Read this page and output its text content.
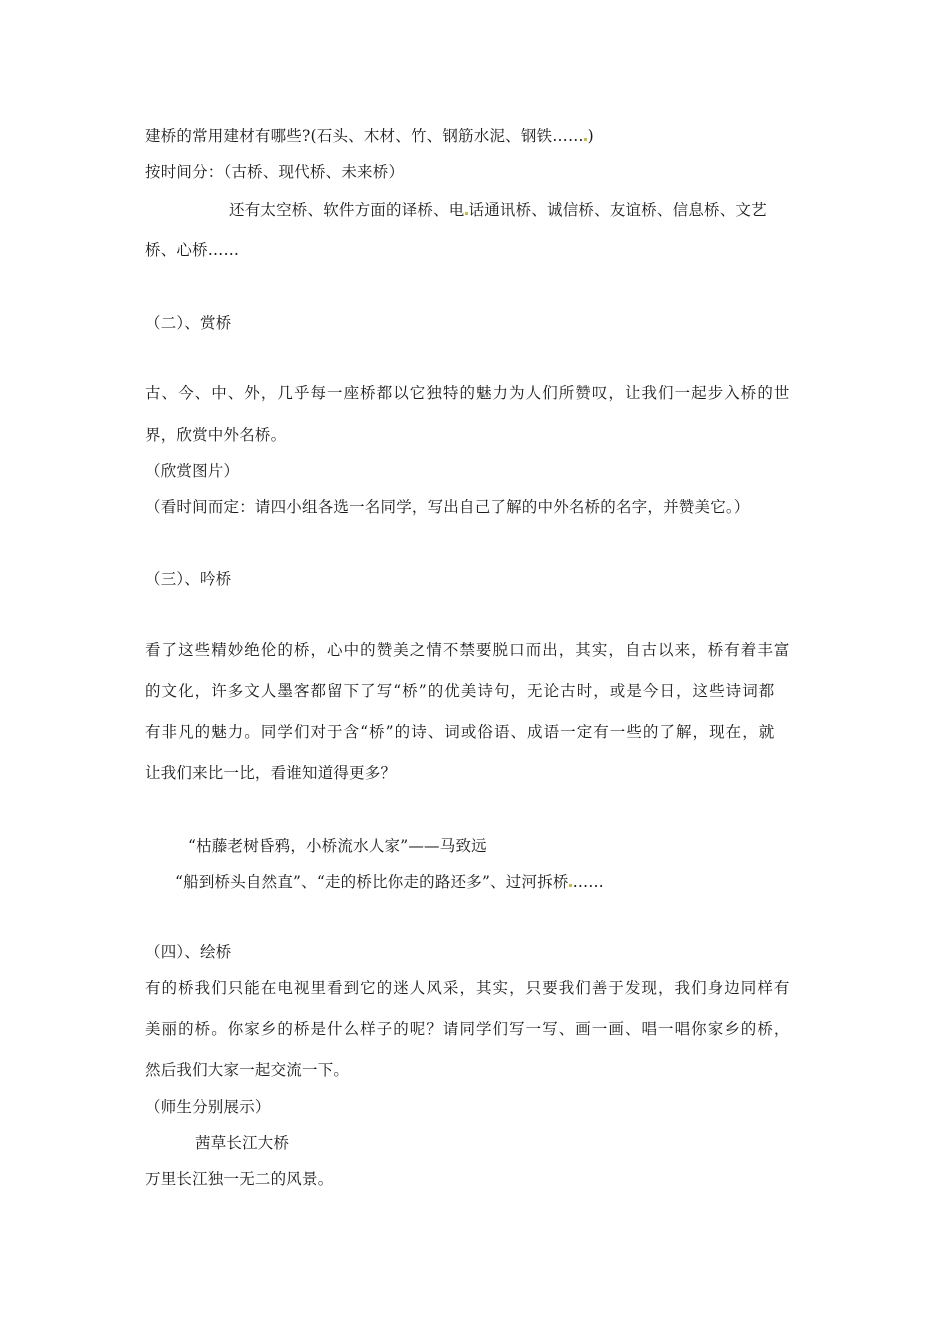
建桥的常用建材有哪些?(石头、木材、竹、钢筋水泥、钢铁…… )
按时间分：（古桥、现代桥、未来桥）
还有太空桥、软件方面的译桥、电 话通讯桥、诚信桥、友谊桥、信息桥、文艺
桥、心桥……
（二）、赏桥
古、今、中、外，几乎每一座桥都以它独特的魅力为人们所赞叹，让我们一起步入桥的世
界，欣赏中外名桥。
（欣赏图片）
（看时间而定：请四小组各选一名同学，写出自己了解的中外名桥的名字，并赞美它。）
（三）、吟桥
看了这些精妙绝伦的桥，心中的赞美之情不禁要脱口而出，其实，自古以来，桥有着丰富
的文化，许多文人墨客都留下了写“桥”的优美诗句，无论古时，或是今日，这些诗词都
有非凡的魅力。同学们对于含“桥”的诗、词或俗语、成语一定有一些的了解，现在，就
让我们来比一比，看谁知道得更多？
“枯藤老树昏鸦，小桥流水人家”——马致远
“船到桥头自然直”、“走的桥比你走的路还多”、过河拆桥 ……
（四）、绘桥
有的桥我们只能在电视里看到它的迷人风采，其实，只要我们善于发现，我们身边同样有
美丽的桥。你家乡的桥是什么样子的呢？请同学们写一写、画一画、唱一唱你家乡的桥，
然后我们大家一起交流一下。
（师生分别展示）
茜草长江大桥
万里长江独一无二的风景。
